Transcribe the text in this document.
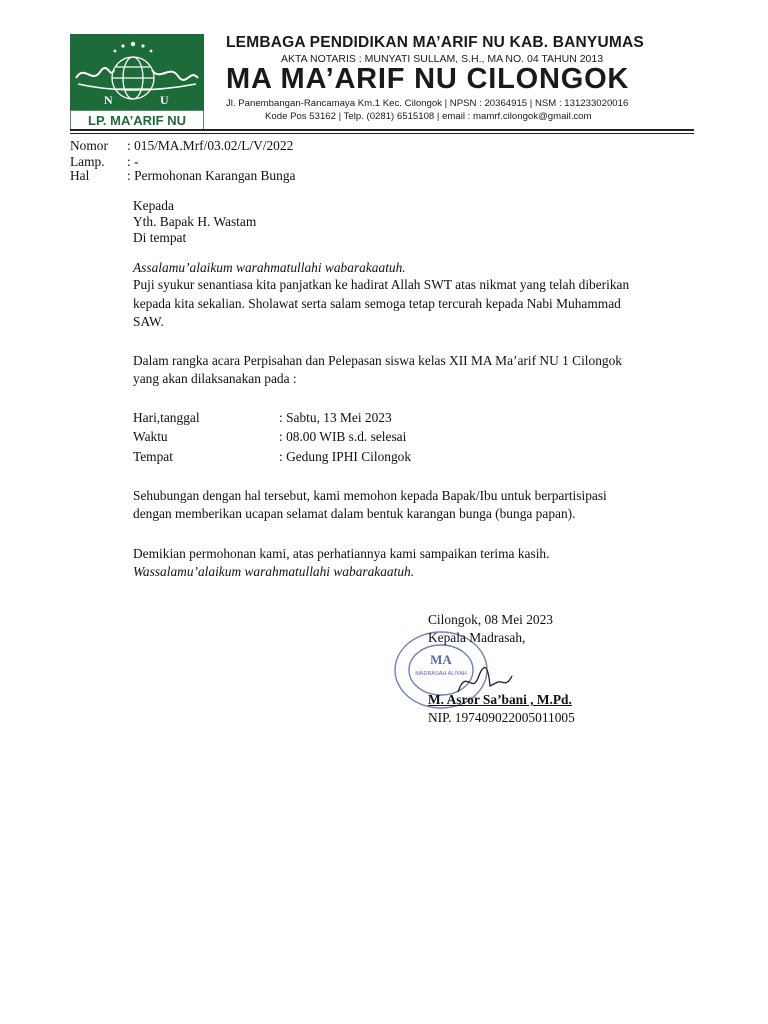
N	U
LP. MA’ARIF NU
LEMBAGA PENDIDIKAN MA’ARIF NU KAB. BANYUMAS
AKTA NOTARIS : MUNYATI SULLAM, S.H., MA NO. 04 TAHUN 2013
MA MA’ARIF NU CILONGOK
Jl. Panembangan-Rancamaya Km.1 Kec. Cilongok | NPSN : 20364915 | NSM : 131233020016
Kode Pos 53162 | Telp. (0281) 6515108 | email : mamrf.cilongok@gmail.com
Nomor : 015/MA.Mrf/03.02/L/V/2022
Lamp. : -
Hal	: Permohonan Karangan Bunga
Kepada
Yth. Bapak H. Wastam
Di tempat
Assalamu’alaikum warahmatullahi wabarakaatuh.
Puji syukur senantiasa kita panjatkan ke hadirat Allah SWT atas nikmat yang telah diberikan
kepada kita sekalian. Sholawat serta salam semoga tetap tercurah kepada Nabi Muhammad
SAW.
Dalam rangka acara Perpisahan dan Pelepasan siswa kelas XII MA Ma’arif NU 1 Cilongok
yang akan dilaksanakan pada :
Hari,tanggal	: Sabtu, 13 Mei 2023
Waktu	: 08.00 WIB s.d. selesai
Tempat	: Gedung IPHI Cilongok
Sehubungan dengan hal tersebut, kami memohon kepada Bapak/Ibu untuk berpartisipasi
dengan memberikan ucapan selamat dalam bentuk karangan bunga (bunga papan).
Demikian permohonan kami, atas perhatiannya kami sampaikan terima kasih.
Wassalamu’alaikum warahmatullahi wabarakaatuh.
MA
MADRASAH ALIYAH
Cilongok, 08 Mei 2023
Kepala Madrasah,
M. Asror Sa’bani , M.Pd.
NIP. 197409022005011005
